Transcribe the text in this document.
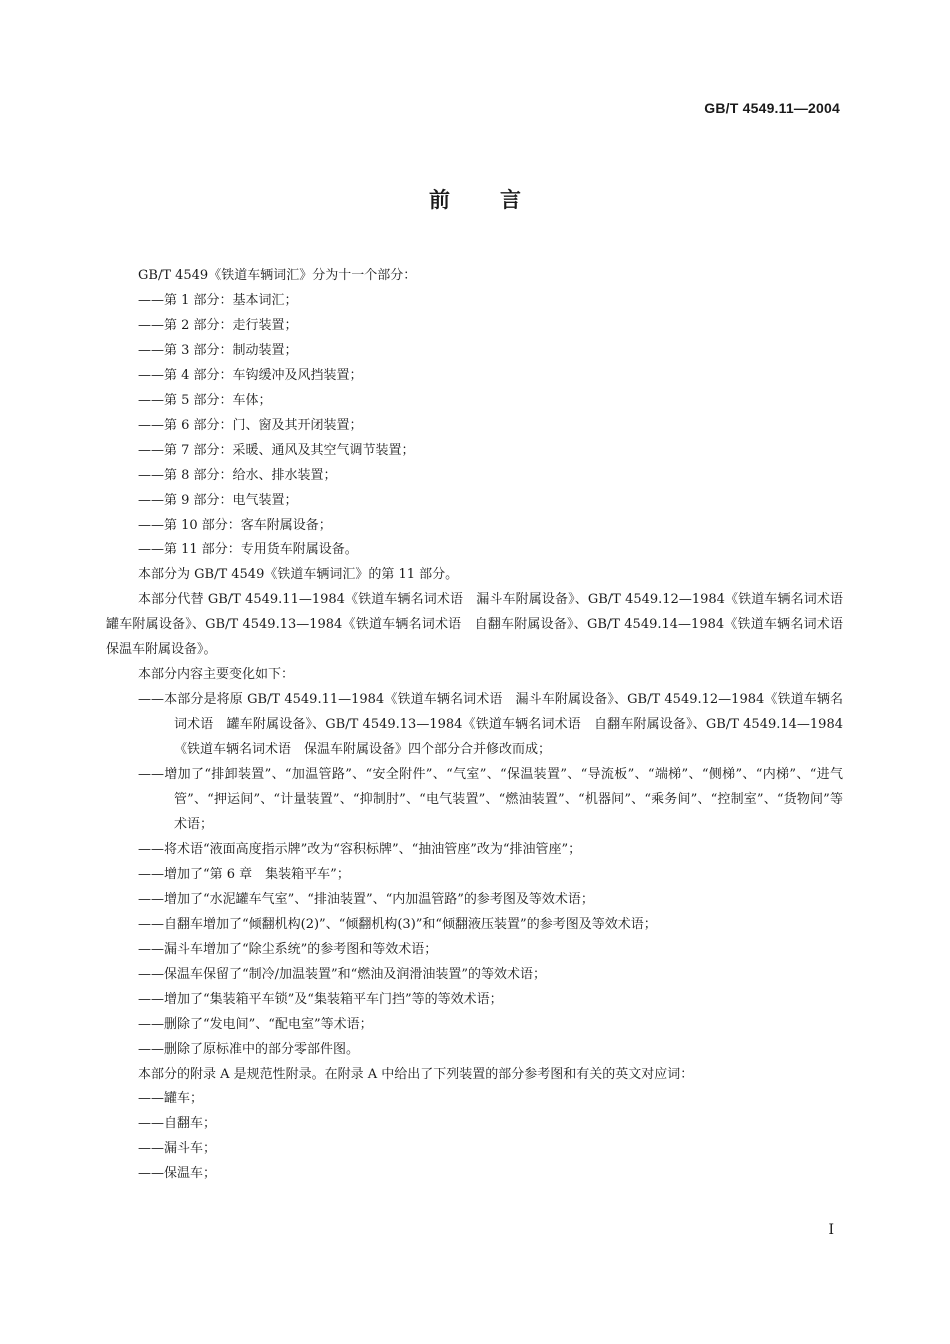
GB/T 4549.11—2004
前言

GB/T 4549《铁道车辆词汇》分为十一个部分：

——第 1 部分：基本词汇；

——第 2 部分：走行装置；

——第 3 部分：制动装置；

——第 4 部分：车钩缓冲及风挡装置；

——第 5 部分：车体；

——第 6 部分：门、窗及其开闭装置；

——第 7 部分：采暖、通风及其空气调节装置；

——第 8 部分：给水、排水装置；

——第 9 部分：电气装置；

——第 10 部分：客车附属设备；

——第 11 部分：专用货车附属设备。

本部分为 GB/T 4549《铁道车辆词汇》的第 11 部分。

本部分代替 GB/T 4549.11—1984《铁道车辆名词术语　漏斗车附属设备》、GB/T 4549.12—1984《铁道车辆名词术语　罐车附属设备》、GB/T 4549.13—1984《铁道车辆名词术语　自翻车附属设备》、GB/T 4549.14—1984《铁道车辆名词术语　保温车附属设备》。

本部分内容主要变化如下：

——本部分是将原 GB/T 4549.11—1984《铁道车辆名词术语　漏斗车附属设备》、GB/T 4549.12—1984《铁道车辆名词术语　罐车附属设备》、GB/T 4549.13—1984《铁道车辆名词术语　自翻车附属设备》、GB/T 4549.14—1984《铁道车辆名词术语　保温车附属设备》四个部分合并修改而成；

——增加了“排卸装置”、“加温管路”、“安全附件”、“气室”、“保温装置”、“导流板”、“端梯”、“侧梯”、“内梯”、“进气管”、“押运间”、“计量装置”、“抑制肘”、“电气装置”、“燃油装置”、“机器间”、“乘务间”、“控制室”、“货物间”等术语；

——将术语“液面高度指示牌”改为“容积标牌”、“抽油管座”改为“排油管座”；

——增加了“第 6 章　集装箱平车”；

——增加了“水泥罐车气室”、“排油装置”、“内加温管路”的参考图及等效术语；

——自翻车增加了“倾翻机构(2)”、“倾翻机构(3)”和“倾翻液压装置”的参考图及等效术语；

——漏斗车增加了“除尘系统”的参考图和等效术语；

——保温车保留了“制冷/加温装置”和“燃油及润滑油装置”的等效术语；

——增加了“集装箱平车锁”及“集装箱平车门挡”等的等效术语；

——删除了“发电间”、“配电室”等术语；

——删除了原标准中的部分零部件图。

本部分的附录 A 是规范性附录。在附录 A 中给出了下列装置的部分参考图和有关的英文对应词：

——罐车；

——自翻车；

——漏斗车；

——保温车；

I
